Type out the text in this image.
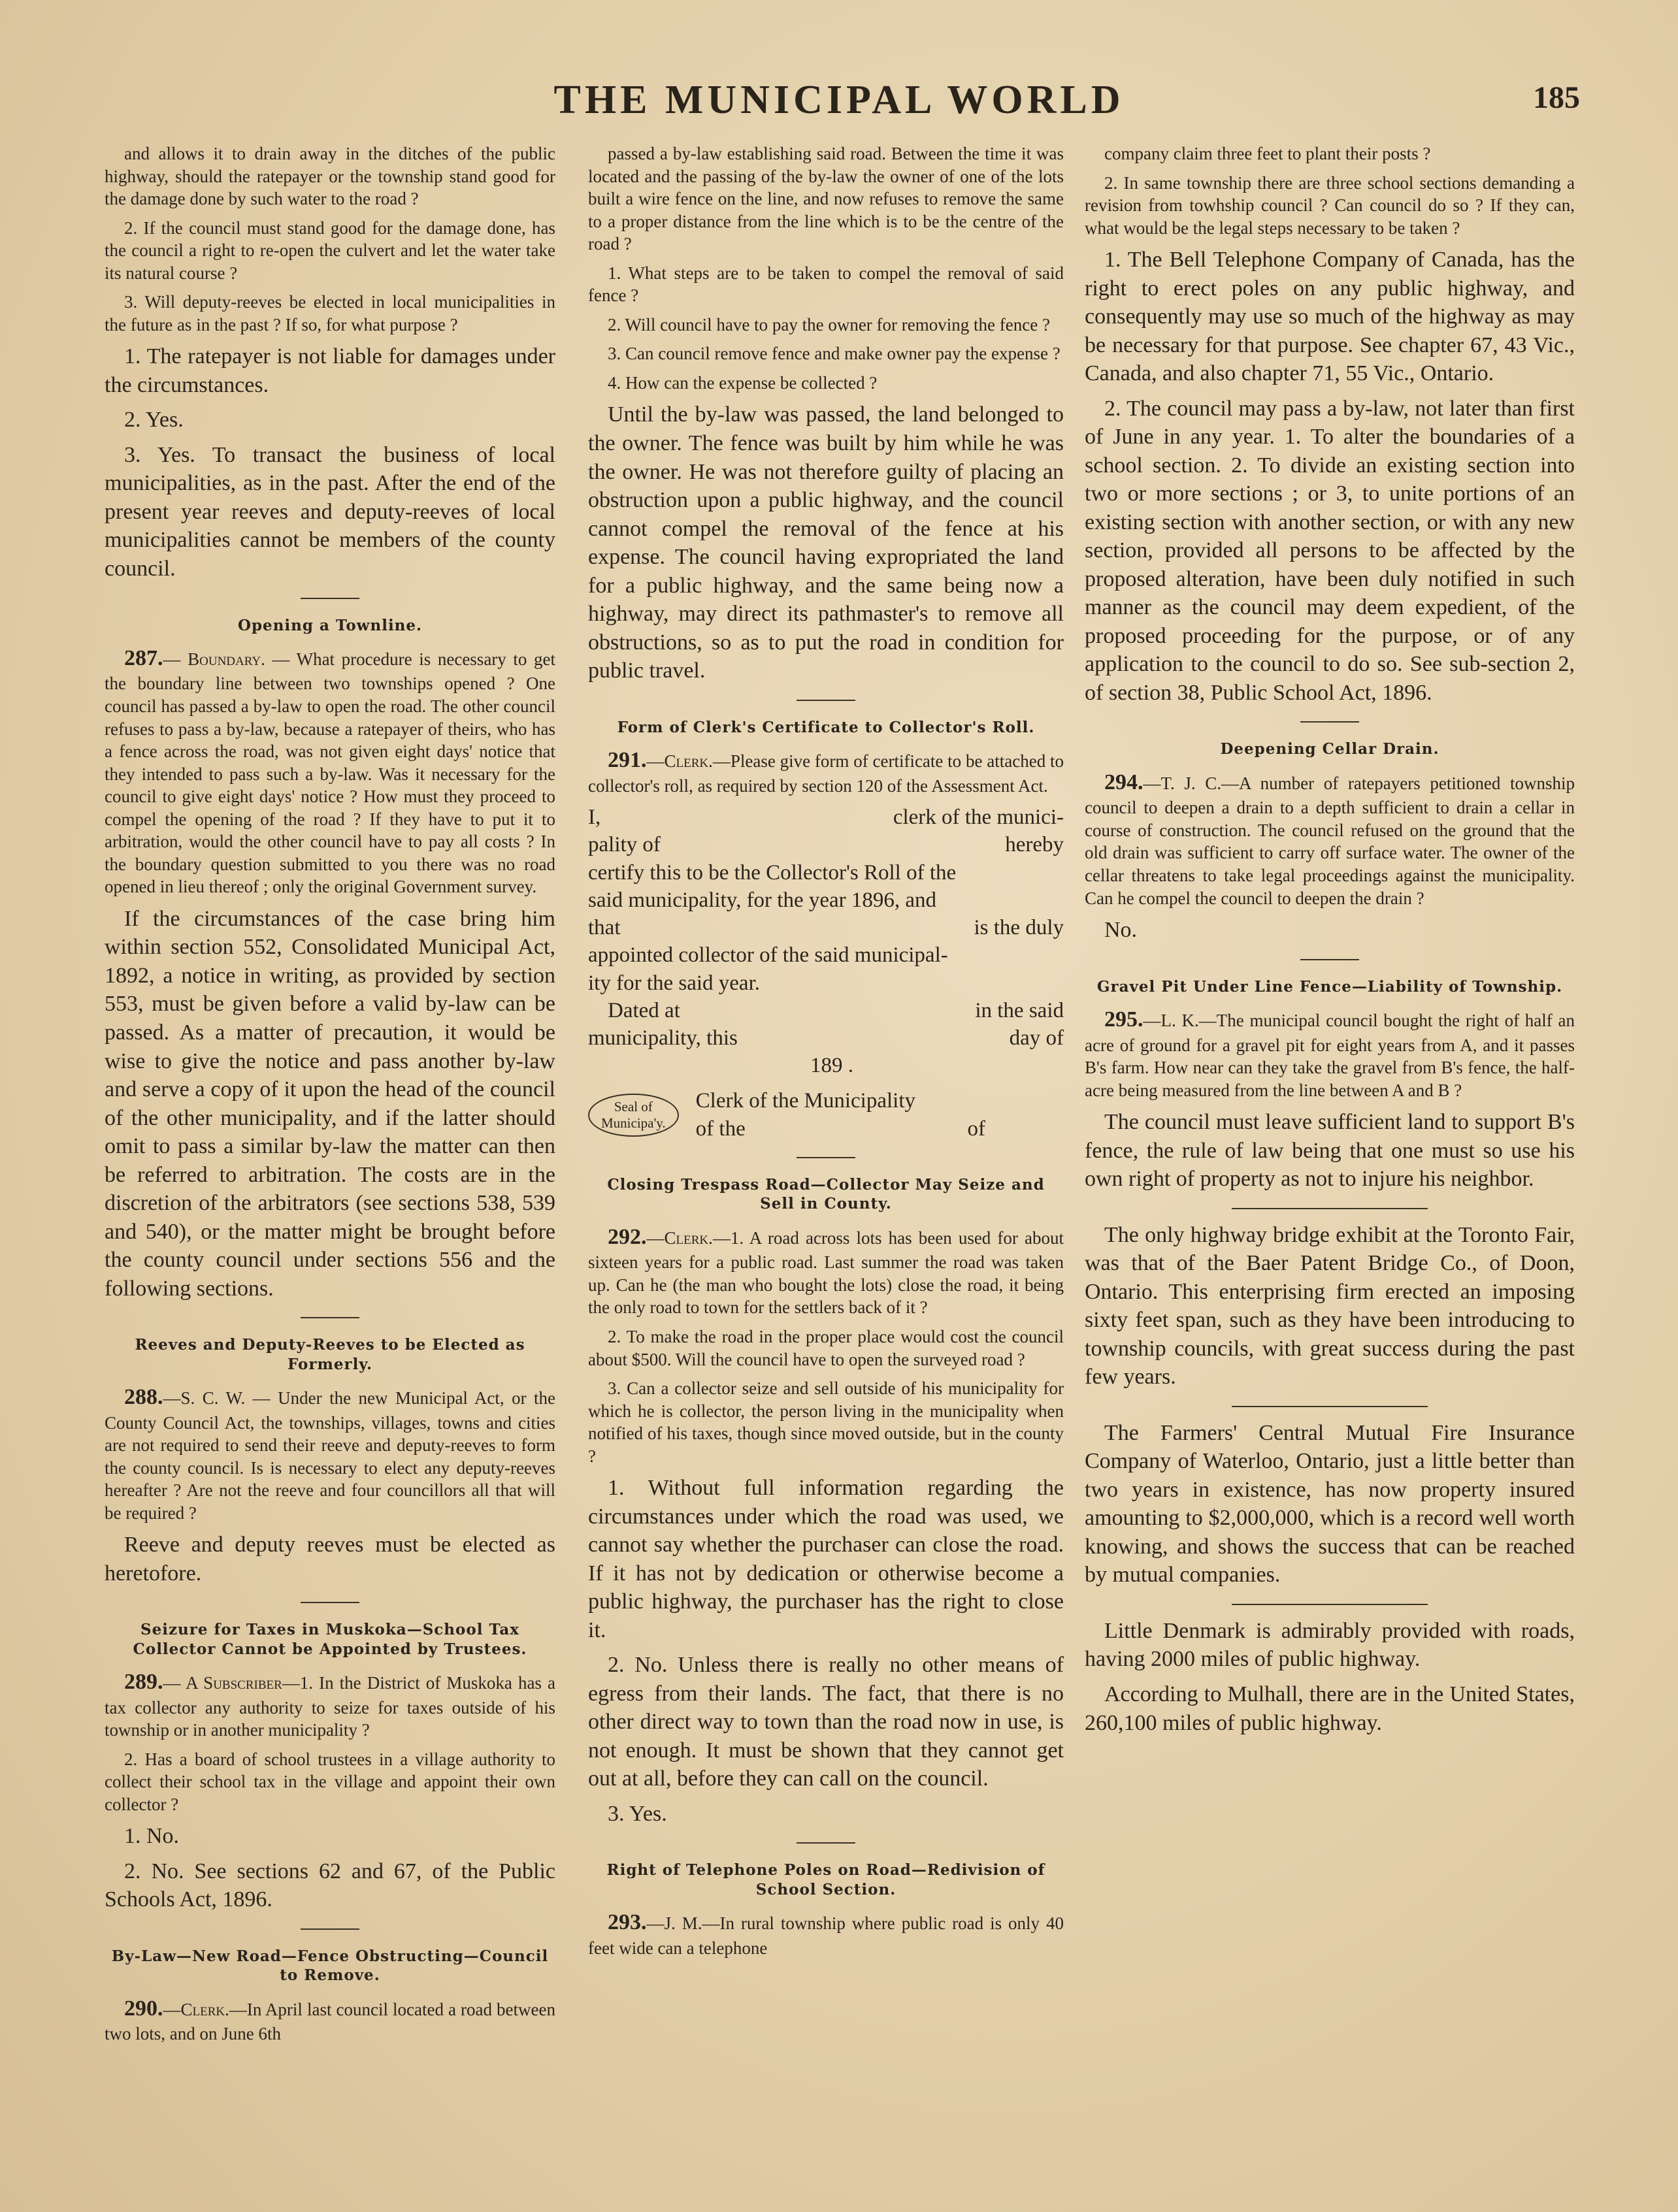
THE MUNICIPAL WORLD	185

and allows it to drain away in the ditches of the public highway, should the ratepayer or the township stand good for the damage done by such water to the road ?

2. If the council must stand good for the damage done, has the council a right to re-open the culvert and let the water take its natural course ?

3. Will deputy-reeves be elected in local municipalities in the future as in the past ? If so, for what purpose ?

1. The ratepayer is not liable for damages under the circumstances.

2. Yes.

3. Yes. To transact the business of local municipalities, as in the past. After the end of the present year reeves and deputy-reeves of local municipalities cannot be members of the county council.

Opening a Townline.

287.— Boundary. — What procedure is necessary to get the boundary line between two townships opened ? One council has passed a by-law to open the road. The other council refuses to pass a by-law, because a ratepayer of theirs, who has a fence across the road, was not given eight days' notice that they intended to pass such a by-law. Was it necessary for the council to give eight days' notice ? How must they proceed to compel the opening of the road ? If they have to put it to arbitration, would the other council have to pay all costs ? In the boundary question submitted to you there was no road opened in lieu thereof ; only the original Government survey.

If the circumstances of the case bring him within section 552, Consolidated Municipal Act, 1892, a notice in writing, as provided by section 553, must be given before a valid by-law can be passed. As a matter of precaution, it would be wise to give the notice and pass another by-law and serve a copy of it upon the head of the council of the other municipality, and if the latter should omit to pass a similar by-law the matter can then be referred to arbitration. The costs are in the discretion of the arbitrators (see sections 538, 539 and 540), or the matter might be brought before the county council under sections 556 and the following sections.

Reeves and Deputy-Reeves to be Elected as Formerly.

288.—S. C. W. — Under the new Municipal Act, or the County Council Act, the townships, villages, towns and cities are not required to send their reeve and deputy-reeves to form the county council. Is is necessary to elect any deputy-reeves hereafter ? Are not the reeve and four councillors all that will be required ?

Reeve and deputy reeves must be elected as heretofore.

Seizure for Taxes in Muskoka—School Tax Collector Cannot be Appointed by Trustees.

289.— A Subscriber—1. In the District of Muskoka has a tax collector any authority to seize for taxes outside of his township or in another municipality ?

2. Has a board of school trustees in a village authority to collect their school tax in the village and appoint their own collector ?

1. No.

2. No. See sections 62 and 67, of the Public Schools Act, 1896.

By-Law—New Road—Fence Obstructing—Council to Remove.

290.—Clerk.—In April last council located a road between two lots, and on June 6th

passed a by-law establishing said road. Between the time it was located and the passing of the by-law the owner of one of the lots built a wire fence on the line, and now refuses to remove the same to a proper distance from the line which is to be the centre of the road ?

1. What steps are to be taken to compel the removal of said fence ?

2. Will council have to pay the owner for removing the fence ?

3. Can council remove fence and make owner pay the expense ?

4. How can the expense be collected ?

Until the by-law was passed, the land belonged to the owner. The fence was built by him while he was the owner. He was not therefore guilty of placing an obstruction upon a public highway, and the council cannot compel the removal of the fence at his expense. The council having expropriated the land for a public highway, and the same being now a highway, may direct its pathmaster's to remove all obstructions, so as to put the road in condition for public travel.

Form of Clerk's Certificate to Collector's Roll.

291.—Clerk.—Please give form of certificate to be attached to collector's roll, as required by section 120 of the Assessment Act.

I,	clerk of the munici-
pality of	hereby
certify this to be the Collector's Roll of the
said municipality, for the year 1896, and
that	is the duly
appointed collector of the said municipal-
ity for the said year.
Dated at	in the said
municipality, this	day of
189 .
Seal of
Municipa'y.
Clerk of the Municipality
of the	of
Closing Trespass Road—Collector May Seize and Sell in County.

292.—Clerk.—1. A road across lots has been used for about sixteen years for a public road. Last summer the road was taken up. Can he (the man who bought the lots) close the road, it being the only road to town for the settlers back of it ?

2. To make the road in the proper place would cost the council about $500. Will the council have to open the surveyed road ?

3. Can a collector seize and sell outside of his municipality for which he is collector, the person living in the municipality when notified of his taxes, though since moved outside, but in the county ?

1. Without full information regarding the circumstances under which the road was used, we cannot say whether the purchaser can close the road. If it has not by dedication or otherwise become a public highway, the purchaser has the right to close it.

2. No. Unless there is really no other means of egress from their lands. The fact, that there is no other direct way to town than the road now in use, is not enough. It must be shown that they cannot get out at all, before they can call on the council.

3. Yes.

Right of Telephone Poles on Road—Redivision of School Section.

293.—J. M.—In rural township where public road is only 40 feet wide can a telephone

company claim three feet to plant their posts ?

2. In same township there are three school sections demanding a revision from towhship council ? Can council do so ? If they can, what would be the legal steps necessary to be taken ?

1. The Bell Telephone Company of Canada, has the right to erect poles on any public highway, and consequently may use so much of the highway as may be necessary for that purpose. See chapter 67, 43 Vic., Canada, and also chapter 71, 55 Vic., Ontario.

2. The council may pass a by-law, not later than first of June in any year. 1. To alter the boundaries of a school section. 2. To divide an existing section into two or more sections ; or 3, to unite portions of an existing section with another section, or with any new section, provided all persons to be affected by the proposed alteration, have been duly notified in such manner as the council may deem expedient, of the proposed proceeding for the purpose, or of any application to the council to do so. See sub-section 2, of section 38, Public School Act, 1896.

Deepening Cellar Drain.

294.—T. J. C.—A number of ratepayers petitioned township council to deepen a drain to a depth sufficient to drain a cellar in course of construction. The council refused on the ground that the old drain was sufficient to carry off surface water. The owner of the cellar threatens to take legal proceedings against the municipality. Can he compel the council to deepen the drain ?

No.

Gravel Pit Under Line Fence—Liability of Township.

295.—L. K.—The municipal council bought the right of half an acre of ground for a gravel pit for eight years from A, and it passes B's farm. How near can they take the gravel from B's fence, the half-acre being measured from the line between A and B ?

The council must leave sufficient land to support B's fence, the rule of law being that one must so use his own right of property as not to injure his neighbor.

The only highway bridge exhibit at the Toronto Fair, was that of the Baer Patent Bridge Co., of Doon, Ontario. This enterprising firm erected an imposing sixty feet span, such as they have been introducing to township councils, with great success during the past few years.

The Farmers' Central Mutual Fire Insurance Company of Waterloo, Ontario, just a little better than two years in existence, has now property insured amounting to $2,000,000, which is a record well worth knowing, and shows the success that can be reached by mutual companies.

Little Denmark is admirably provided with roads, having 2000 miles of public highway.

According to Mulhall, there are in the United States, 260,100 miles of public highway.
